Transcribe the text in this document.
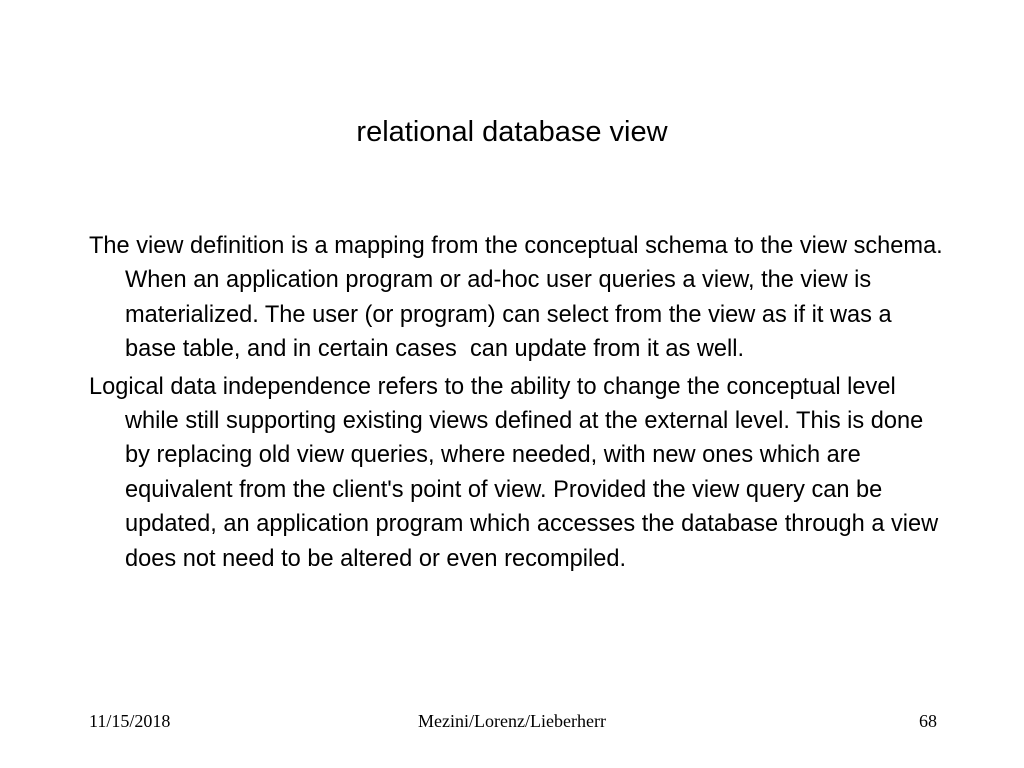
relational database view
The view definition is a mapping from the conceptual schema to the view schema. When an application program or ad-hoc user queries a view, the view is materialized. The user (or program) can select from the view as if it was a base table, and in certain cases  can update from it as well.
Logical data independence refers to the ability to change the conceptual level while still supporting existing views defined at the external level. This is done by replacing old view queries, where needed, with new ones which are equivalent from the client's point of view. Provided the view query can be updated, an application program which accesses the database through a view does not need to be altered or even recompiled.
11/15/2018	Mezini/Lorenz/Lieberherr	68
